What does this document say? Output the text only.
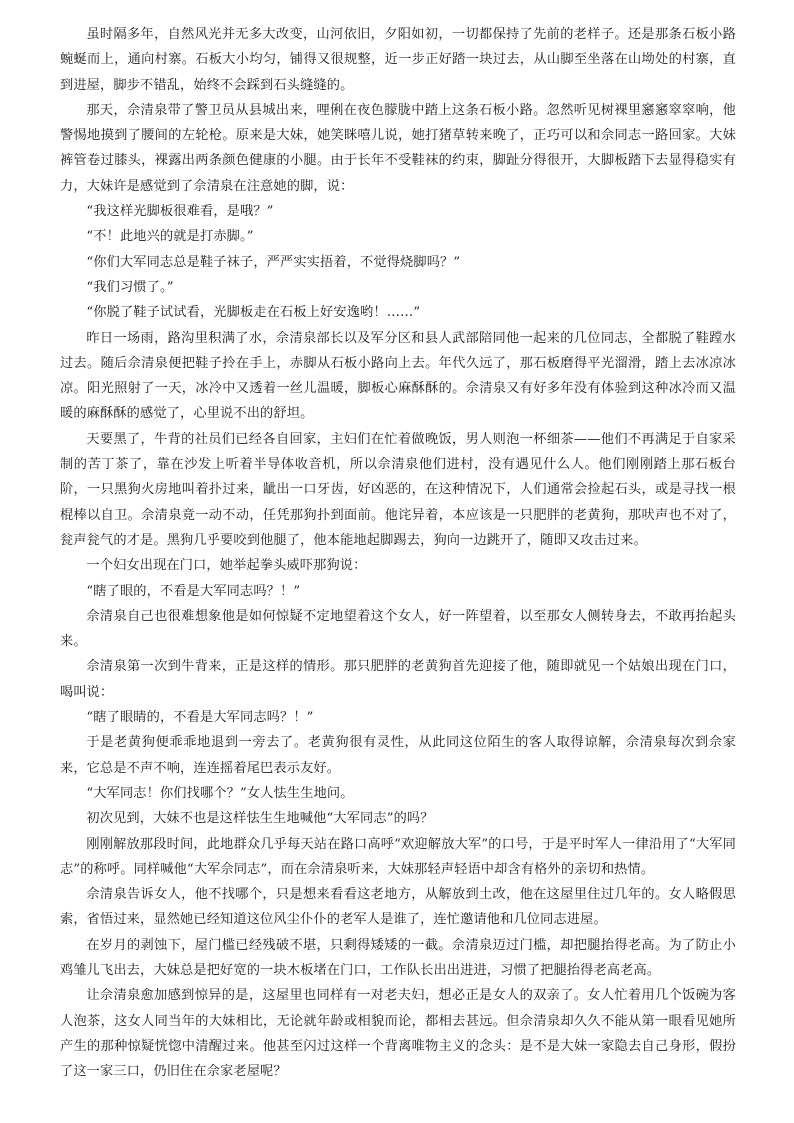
虽时隔多年，自然风光并无多大改变，山河依旧，夕阳如初，一切都保持了先前的老样子。还是那条石板小路蜿蜒而上，通向村寨。石板大小均匀，铺得又很规整，近一步正好踏一块过去，从山脚至坐落在山坳处的村寨，直到进屋，脚步不错乱，始终不会踩到石头缝缝的。

那天，佘清泉带了警卫员从县城出来，哩俐在夜色朦胧中踏上这条石板小路。忽然听见树裸里窸窸窣窣响，他警惕地摸到了腰间的左轮枪。原来是大妹，她笑眯嘻儿说，她打猪草转来晚了，正巧可以和佘同志一路回家。大妹裤管卷过膝头，裸露出两条颜色健康的小腿。由于长年不受鞋袜的约束，脚趾分得很开，大脚板踏下去显得稳实有力，大妹许是感觉到了佘清泉在注意她的脚，说：

“我这样光脚板很难看，是哦？”

“不！此地兴的就是打赤脚。”

“你们大军同志总是鞋子袜子，严严实实捂着，不觉得烧脚吗？”

“我们习惯了。”

“你脱了鞋子试试看，光脚板走在石板上好安逸哟！……”

昨日一场雨，路沟里积满了水，佘清泉部长以及军分区和县人武部陪同他一起来的几位同志，全都脱了鞋蹚水过去。随后佘清泉便把鞋子拎在手上，赤脚从石板小路向上去。年代久远了，那石板磨得平光溜滑，踏上去冰凉冰凉。阳光照射了一天，冰冷中又透着一丝儿温暖，脚板心麻酥酥的。佘清泉又有好多年没有体验到这种冰冷而又温暖的麻酥酥的感觉了，心里说不出的舒坦。

天要黑了，牛背的社员们已经各自回家，主妇们在忙着做晚饭，男人则泡一杯细茶——他们不再满足于自家采制的苦丁茶了，靠在沙发上听着半导体收音机，所以佘清泉他们进村，没有遇见什么人。他们刚刚踏上那石板台阶，一只黑狗火房地叫着扑过来，龇出一口牙齿，好凶恶的，在这种情况下，人们通常会捡起石头，或是寻找一根棍棒以自卫。佘清泉竟一动不动，任凭那狗扑到面前。他诧异着，本应该是一只肥胖的老黄狗，那吠声也不对了，瓮声瓮气的才是。黑狗几乎要咬到他腿了，他本能地起脚踢去，狗向一边跳开了，随即又攻击过来。

一个妇女出现在门口，她举起拳头威吓那狗说：

“瞎了眼的，不看是大军同志吗？！”

佘清泉自己也很难想象他是如何惊疑不定地望着这个女人，好一阵望着，以至那女人侧转身去，不敢再抬起头来。

佘清泉第一次到牛背来，正是这样的情形。那只肥胖的老黄狗首先迎接了他，随即就见一个姑娘出现在门口，喝叫说：

“瞎了眼睛的，不看是大军同志吗？！”

于是老黄狗便乖乖地退到一旁去了。老黄狗很有灵性，从此同这位陌生的客人取得谅解，佘清泉每次到佘家来，它总是不声不响，连连摇着尾巴表示友好。

“大军同志！你们找哪个？”女人怯生生地问。

初次见到，大妹不也是这样怯生生地喊他“大军同志”的吗？

刚刚解放那段时间，此地群众几乎每天站在路口高呼“欢迎解放大军”的口号，于是平时军人一律沿用了“大军同志”的称呼。同样喊他“大军佘同志”，而在佘清泉听来，大妹那轻声轻语中却含有格外的亲切和热情。

佘清泉告诉女人，他不找哪个，只是想来看看这老地方，从解放到土改，他在这屋里住过几年的。女人略假思索，省悟过来，显然她已经知道这位风尘仆仆的老军人是谁了，连忙邀请他和几位同志进屋。

在岁月的剥蚀下，屋门槛已经残破不堪，只剩得矮矮的一截。佘清泉迈过门槛，却把腿抬得老高。为了防止小鸡雏儿飞出去，大妹总是把好宽的一块木板堵在门口，工作队长出出进进，习惯了把腿抬得老高老高。

让佘清泉愈加感到惊异的是，这屋里也同样有一对老夫妇，想必正是女人的双亲了。女人忙着用几个饭碗为客人泡茶，这女人同当年的大妹相比，无论就年龄或相貌而论，都相去甚远。但佘清泉却久久不能从第一眼看见她所产生的那种惊疑恍惚中清醒过来。他甚至闪过这样一个背离唯物主义的念头：是不是大妹一家隐去自己身形，假扮了这一家三口，仍旧住在佘家老屋呢？
